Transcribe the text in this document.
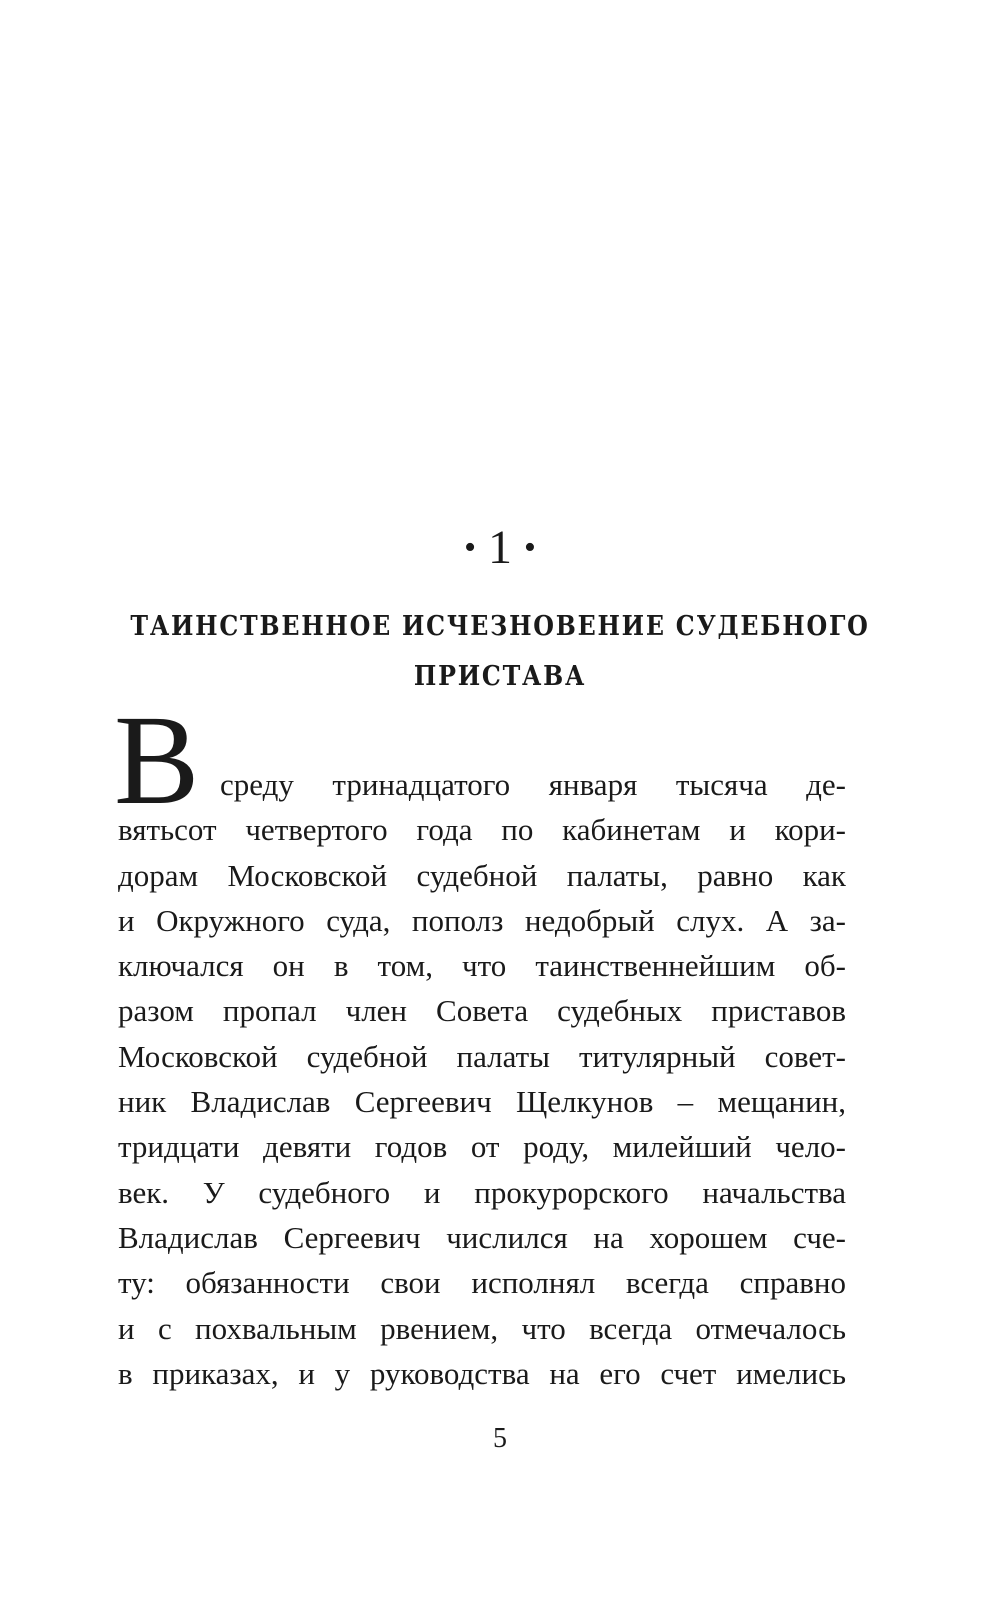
• 1 •
ТАИНСТВЕННОЕ ИСЧЕЗНОВЕНИЕ СУДЕБНОГО
ПРИСТАВА
В среду тринадцатого января тысяча де-
вятьсот четвертого года по кабинетам и кори-
дорам Московской судебной палаты, равно как
и Окружного суда, пополз недобрый слух. А за-
ключался он в том, что таинственнейшим об-
разом пропал член Совета судебных приставов
Московской судебной палаты титулярный совет-
ник Владислав Сергеевич Щелкунов – мещанин,
тридцати девяти годов от роду, милейший чело-
век. У судебного и прокурорского начальства
Владислав Сергеевич числился на хорошем сче-
ту: обязанности свои исполнял всегда справно
и с похвальным рвением, что всегда отмечалось
в приказах, и у руководства на его счет имелись
5
